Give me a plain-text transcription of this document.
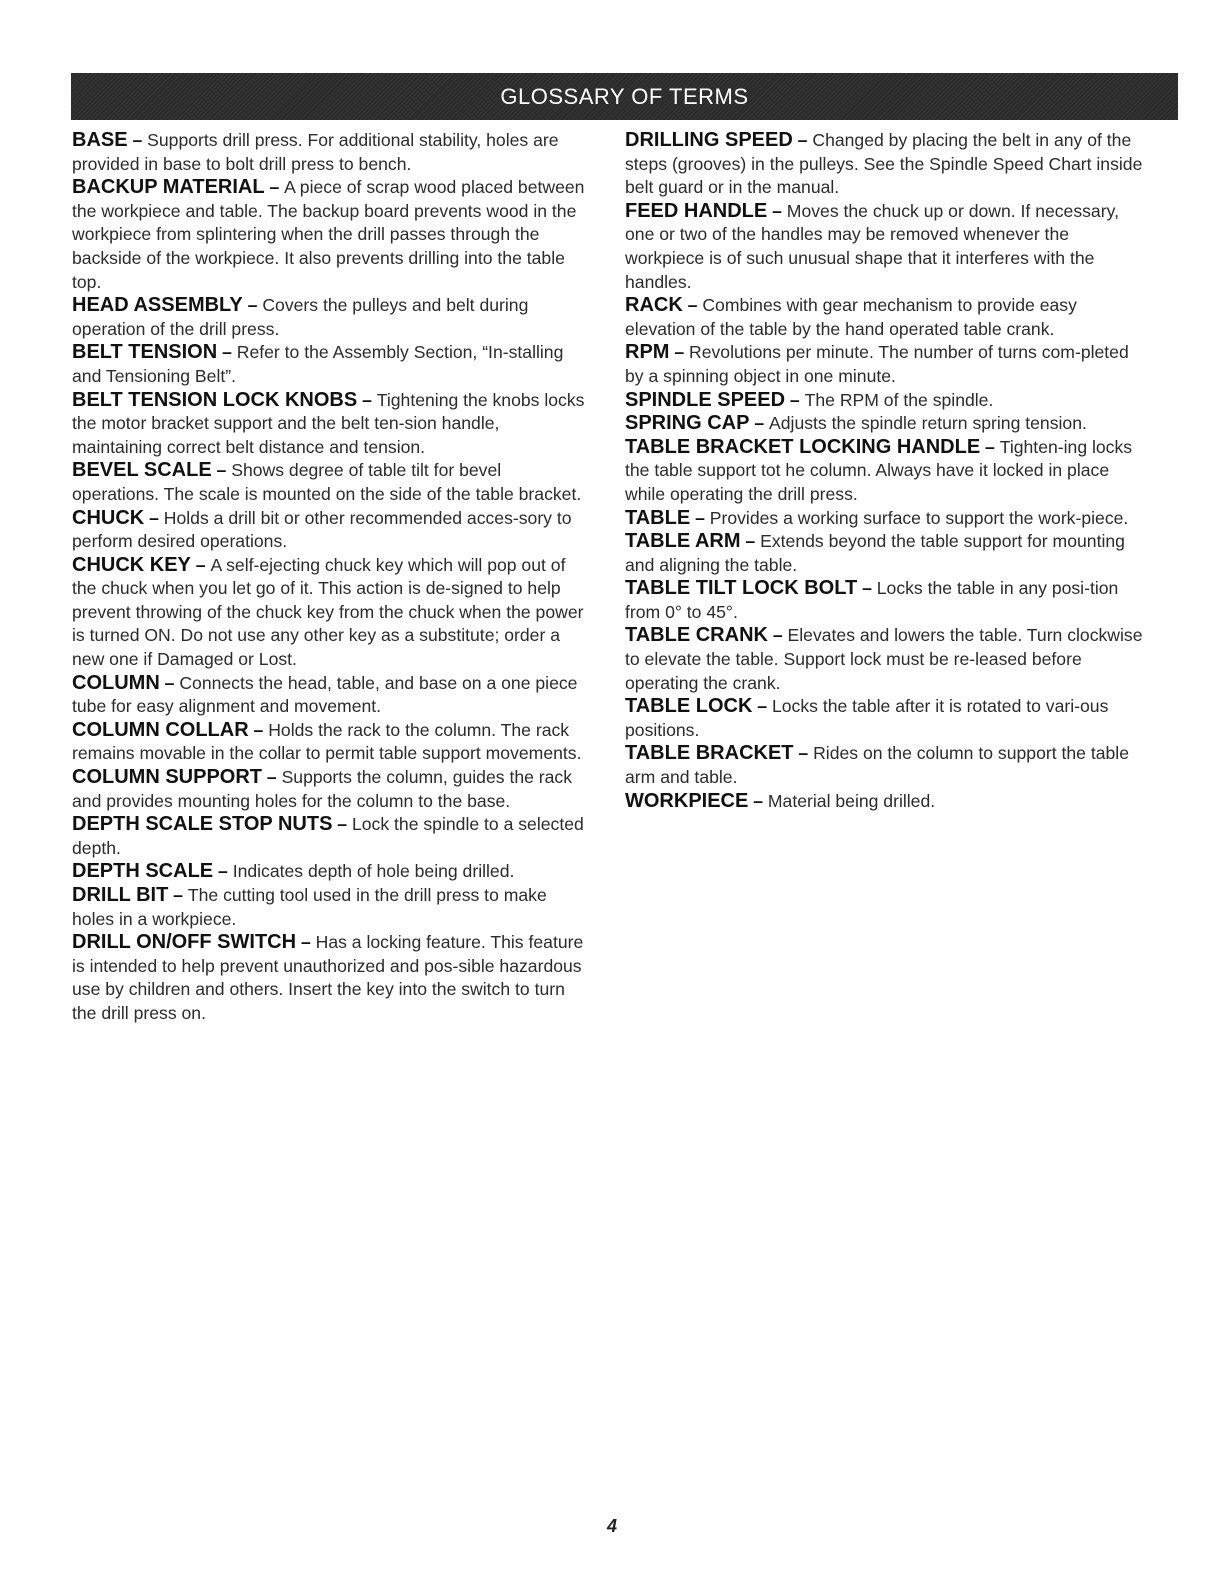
GLOSSARY OF TERMS

BASE – Supports drill press. For additional stability, holes are provided in base to bolt drill press to bench.

BACKUP MATERIAL – A piece of scrap wood placed between the workpiece and table. The backup board prevents wood in the workpiece from splintering when the drill passes through the backside of the workpiece. It also prevents drilling into the table top.

HEAD ASSEMBLY – Covers the pulleys and belt during operation of the drill press.

BELT TENSION – Refer to the Assembly Section, “In-stalling and Tensioning Belt”.

BELT TENSION LOCK KNOBS – Tightening the knobs locks the motor bracket support and the belt ten-sion handle, maintaining correct belt distance and tension.

BEVEL SCALE – Shows degree of table tilt for bevel operations. The scale is mounted on the side of the table bracket.

CHUCK – Holds a drill bit or other recommended acces-sory to perform desired operations.

CHUCK KEY – A self-ejecting chuck key which will pop out of the chuck when you let go of it. This action is de-signed to help prevent throwing of the chuck key from the chuck when the power is turned ON. Do not use any other key as a substitute; order a new one if Damaged or Lost.

COLUMN – Connects the head, table, and base on a one piece tube for easy alignment and movement.

COLUMN COLLAR – Holds the rack to the column. The rack remains movable in the collar to permit table support movements.

COLUMN SUPPORT – Supports the column, guides the rack and provides mounting holes for the column to the base.

DEPTH SCALE STOP NUTS – Lock the spindle to a selected depth.

DEPTH SCALE – Indicates depth of hole being drilled.

DRILL BIT – The cutting tool used in the drill press to make holes in a workpiece.

DRILL ON/OFF SWITCH – Has a locking feature. This feature is intended to help prevent unauthorized and pos-sible hazardous use by children and others. Insert the key into the switch to turn the drill press on.

DRILLING SPEED – Changed by placing the belt in any of the steps (grooves) in the pulleys. See the Spindle Speed Chart inside belt guard or in the manual.

FEED HANDLE – Moves the chuck up or down. If necessary, one or two of the handles may be removed whenever the workpiece is of such unusual shape that it interferes with the handles.

RACK – Combines with gear mechanism to provide easy elevation of the table by the hand operated table crank.

RPM – Revolutions per minute. The number of turns com-pleted by a spinning object in one minute.

SPINDLE SPEED – The RPM of the spindle.

SPRING CAP – Adjusts the spindle return spring tension.

TABLE BRACKET LOCKING HANDLE – Tighten-ing locks the table support tot he column. Always have it locked in place while operating the drill press.

TABLE – Provides a working surface to support the work-piece.

TABLE ARM – Extends beyond the table support for mounting and aligning the table.

TABLE TILT LOCK BOLT – Locks the table in any posi-tion from 0° to 45°.

TABLE CRANK – Elevates and lowers the table. Turn clockwise to elevate the table. Support lock must be re-leased before operating the crank.

TABLE LOCK – Locks the table after it is rotated to vari-ous positions.

TABLE BRACKET – Rides on the column to support the table arm and table.

WORKPIECE – Material being drilled.

4
